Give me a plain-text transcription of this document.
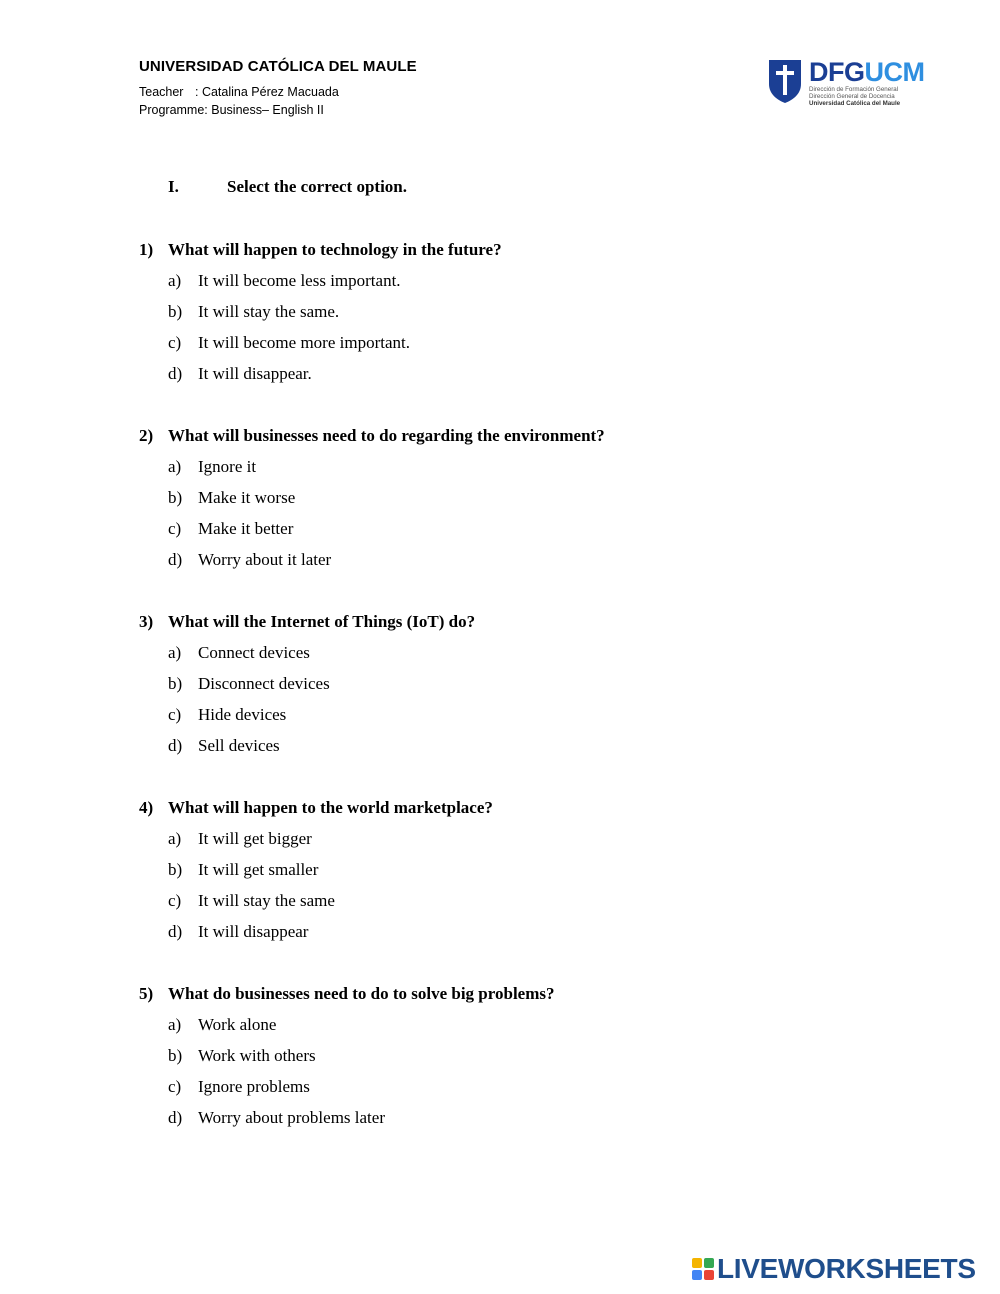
UNIVERSIDAD CATÓLICA DEL MAULE
Teacher : Catalina Pérez Macuada
Programme: Business– English II
DFGUCM
Dirección de Formación General
Dirección General de Docencia
Universidad Católica del Maule
I.	Select the correct option.
1) What will happen to technology in the future?
a) It will become less important.
b) It will stay the same.
c) It will become more important.
d) It will disappear.
2) What will businesses need to do regarding the environment?
a) Ignore it
b) Make it worse
c) Make it better
d) Worry about it later
3) What will the Internet of Things (IoT) do?
a) Connect devices
b) Disconnect devices
c) Hide devices
d) Sell devices
4) What will happen to the world marketplace?
a) It will get bigger
b) It will get smaller
c) It will stay the same
d) It will disappear
5) What do businesses need to do to solve big problems?
a) Work alone
b) Work with others
c) Ignore problems
d) Worry about problems later
LIVEWORKSHEETS
